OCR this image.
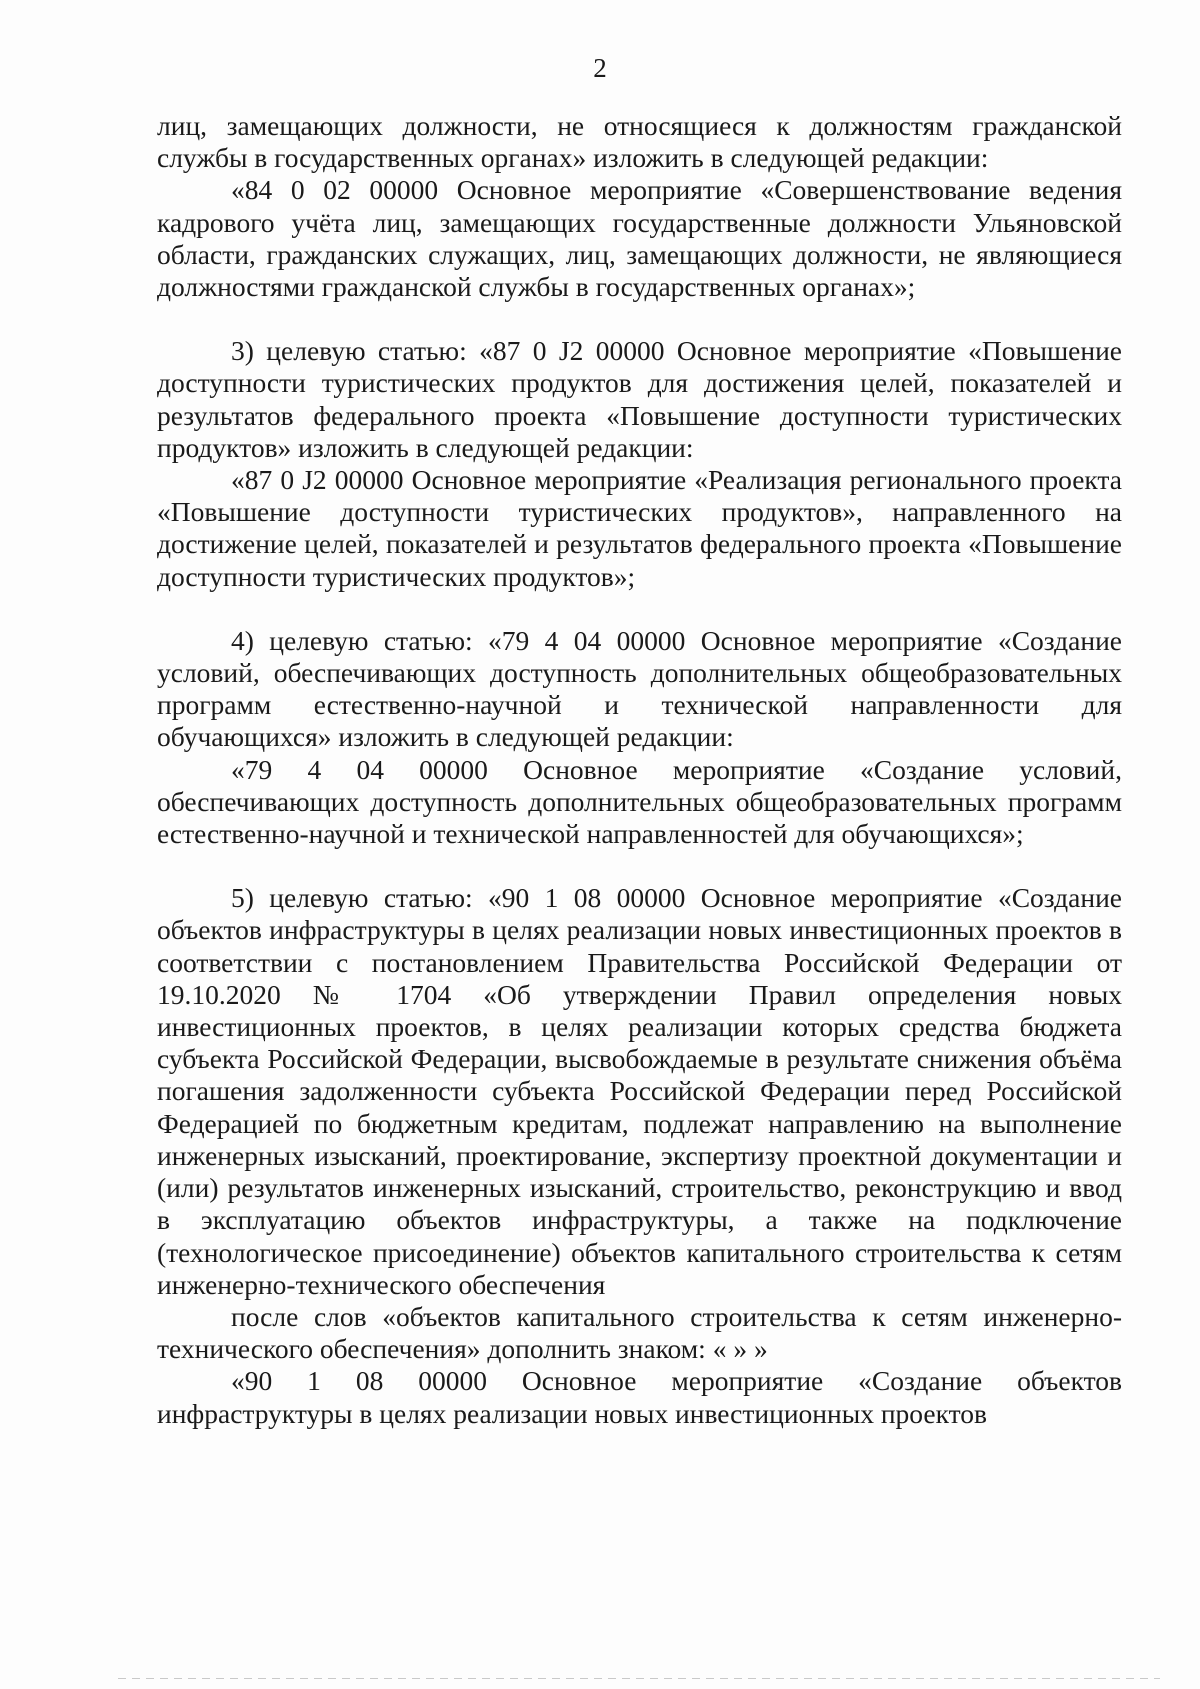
2

лиц, замещающих должности, не относящиеся к должностям гражданской службы в государственных органах» изложить в следующей редакции:

«84 0 02 00000 Основное мероприятие «Совершенствование ведения кадрового учёта лиц, замещающих государственные должности Ульяновской области, гражданских служащих, лиц, замещающих должности, не являющиеся должностями гражданской службы в государственных органах»;

3) целевую статью: «87 0 J2 00000 Основное мероприятие «Повышение доступности туристических продуктов для достижения целей, показателей и результатов федерального проекта «Повышение доступности туристических продуктов» изложить в следующей редакции:

«87 0 J2 00000 Основное мероприятие «Реализация регионального проекта «Повышение доступности туристических продуктов», направленного на достижение целей, показателей и результатов федерального проекта «Повышение доступности туристических продуктов»;

4) целевую статью: «79 4 04 00000 Основное мероприятие «Создание условий, обеспечивающих доступность дополнительных общеобразовательных программ естественно-научной и технической направленности для обучающихся» изложить в следующей редакции:

«79 4 04 00000 Основное мероприятие «Создание условий, обеспечивающих доступность дополнительных общеобразовательных программ естественно-научной и технической направленностей для обучающихся»;

5) целевую статью: «90 1 08 00000 Основное мероприятие «Создание объектов инфраструктуры в целях реализации новых инвестиционных проектов в соответствии с постановлением Правительства Российской Федерации от 19.10.2020 № 1704 «Об утверждении Правил определения новых инвестиционных проектов, в целях реализации которых средства бюджета субъекта Российской Федерации, высвобождаемые в результате снижения объёма погашения задолженности субъекта Российской Федерации перед Российской Федерацией по бюджетным кредитам, подлежат направлению на выполнение инженерных изысканий, проектирование, экспертизу проектной документации и (или) результатов инженерных изысканий, строительство, реконструкцию и ввод в эксплуатацию объектов инфраструктуры, а также на подключение (технологическое присоединение) объектов капитального строительства к сетям инженерно-технического обеспечения

после слов «объектов капитального строительства к сетям инженерно-технического обеспечения» дополнить знаком: « » »

«90 1 08 00000 Основное мероприятие «Создание объектов инфраструктуры в целях реализации новых инвестиционных проектов
